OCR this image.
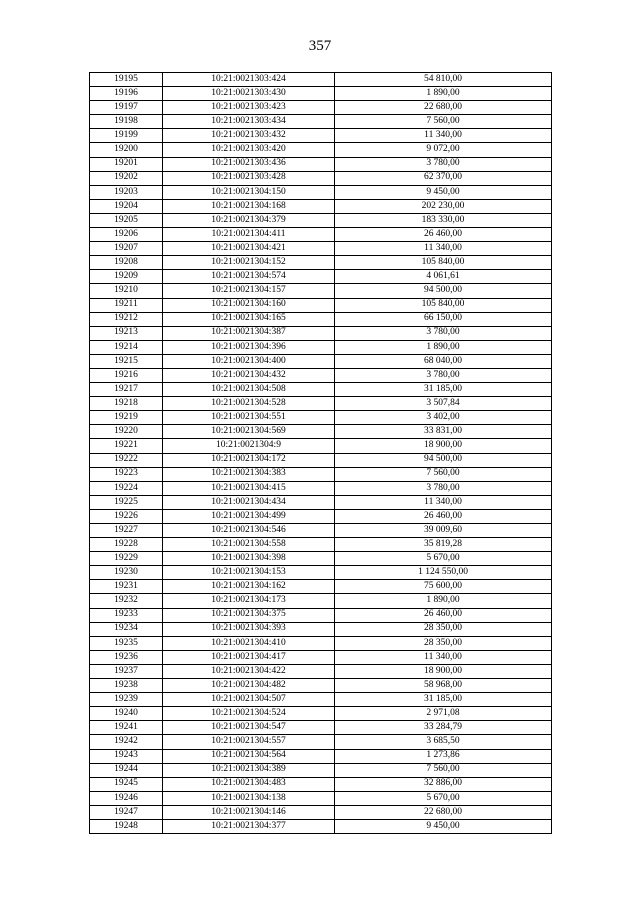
357
19195	10:21:0021303:424	54 810,00
19196	10:21:0021303:430	1 890,00
19197	10:21:0021303:423	22 680,00
19198	10:21:0021303:434	7 560,00
19199	10:21:0021303:432	11 340,00
19200	10:21:0021303:420	9 072,00
19201	10:21:0021303:436	3 780,00
19202	10:21:0021303:428	62 370,00
19203	10:21:0021304:150	9 450,00
19204	10:21:0021304:168	202 230,00
19205	10:21:0021304:379	183 330,00
19206	10:21:0021304:411	26 460,00
19207	10:21:0021304:421	11 340,00
19208	10:21:0021304:152	105 840,00
19209	10:21:0021304:574	4 061,61
19210	10:21:0021304:157	94 500,00
19211	10:21:0021304:160	105 840,00
19212	10:21:0021304:165	66 150,00
19213	10:21:0021304:387	3 780,00
19214	10:21:0021304:396	1 890,00
19215	10:21:0021304:400	68 040,00
19216	10:21:0021304:432	3 780,00
19217	10:21:0021304:508	31 185,00
19218	10:21:0021304:528	3 507,84
19219	10:21:0021304:551	3 402,00
19220	10:21:0021304:569	33 831,00
19221	10:21:0021304:9	18 900,00
19222	10:21:0021304:172	94 500,00
19223	10:21:0021304:383	7 560,00
19224	10:21:0021304:415	3 780,00
19225	10:21:0021304:434	11 340,00
19226	10:21:0021304:499	26 460,00
19227	10:21:0021304:546	39 009,60
19228	10:21:0021304:558	35 819,28
19229	10:21:0021304:398	5 670,00
19230	10:21:0021304:153	1 124 550,00
19231	10:21:0021304:162	75 600,00
19232	10:21:0021304:173	1 890,00
19233	10:21:0021304:375	26 460,00
19234	10:21:0021304:393	28 350,00
19235	10:21:0021304:410	28 350,00
19236	10:21:0021304:417	11 340,00
19237	10:21:0021304:422	18 900,00
19238	10:21:0021304:482	58 968,00
19239	10:21:0021304:507	31 185,00
19240	10:21:0021304:524	2 971,08
19241	10:21:0021304:547	33 284,79
19242	10:21:0021304:557	3 685,50
19243	10:21:0021304:564	1 273,86
19244	10:21:0021304:389	7 560,00
19245	10:21:0021304:483	32 886,00
19246	10:21:0021304:138	5 670,00
19247	10:21:0021304:146	22 680,00
19248	10:21:0021304:377	9 450,00
